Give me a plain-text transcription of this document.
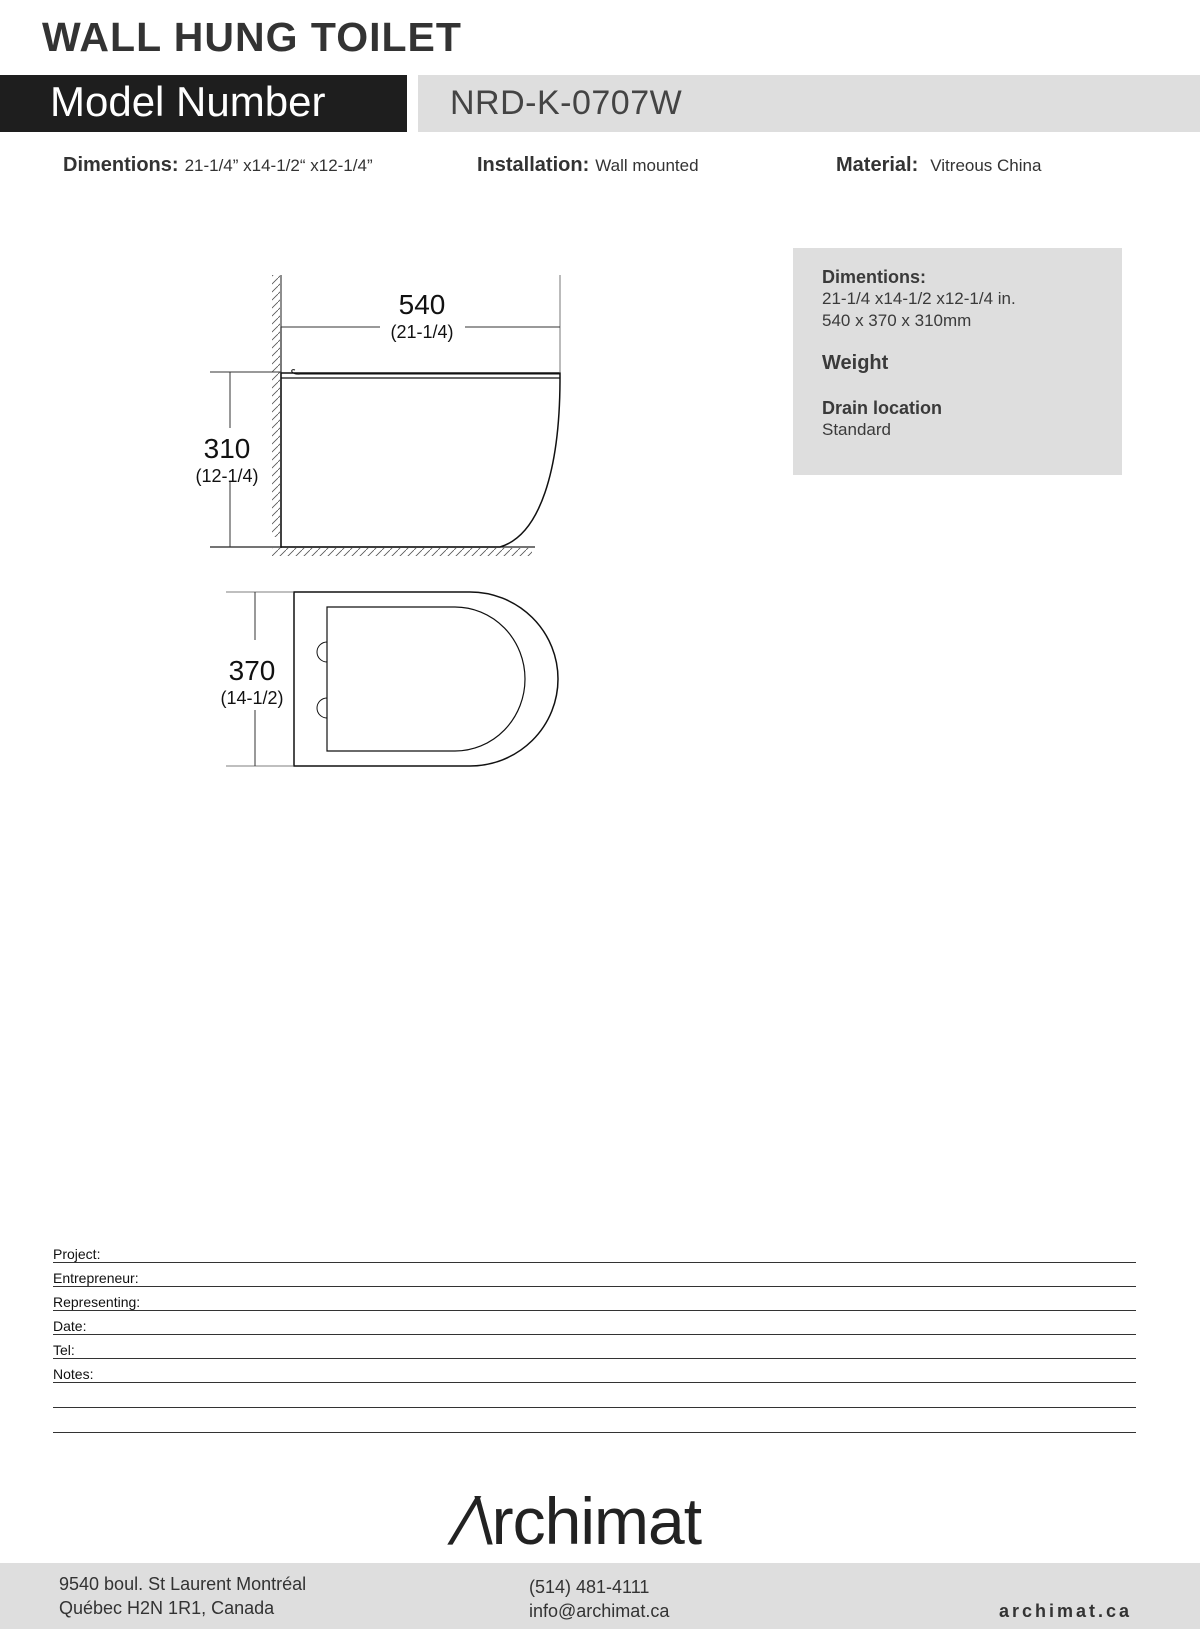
WALL HUNG TOILET
Model Number	NRD-K-0707W
Dimentions: 21-1/4” x14-1/2“ x12-1/4”	Installation: Wall mounted	Material: Vitreous China
540
(21-1/4)
310
(12-1/4)
370
(14-1/2)
Dimentions:
21-1/4 x14-1/2 x12-1/4 in.
540 x 370 x 310mm
Weight
Drain location
Standard
Project:
Entrepreneur:
Representing:
Date:
Tel:
Notes:
/\rchimat
9540 boul. St Laurent Montréal
Québec H2N 1R1, Canada
(514) 481-4111
info@archimat.ca	archimat.ca
